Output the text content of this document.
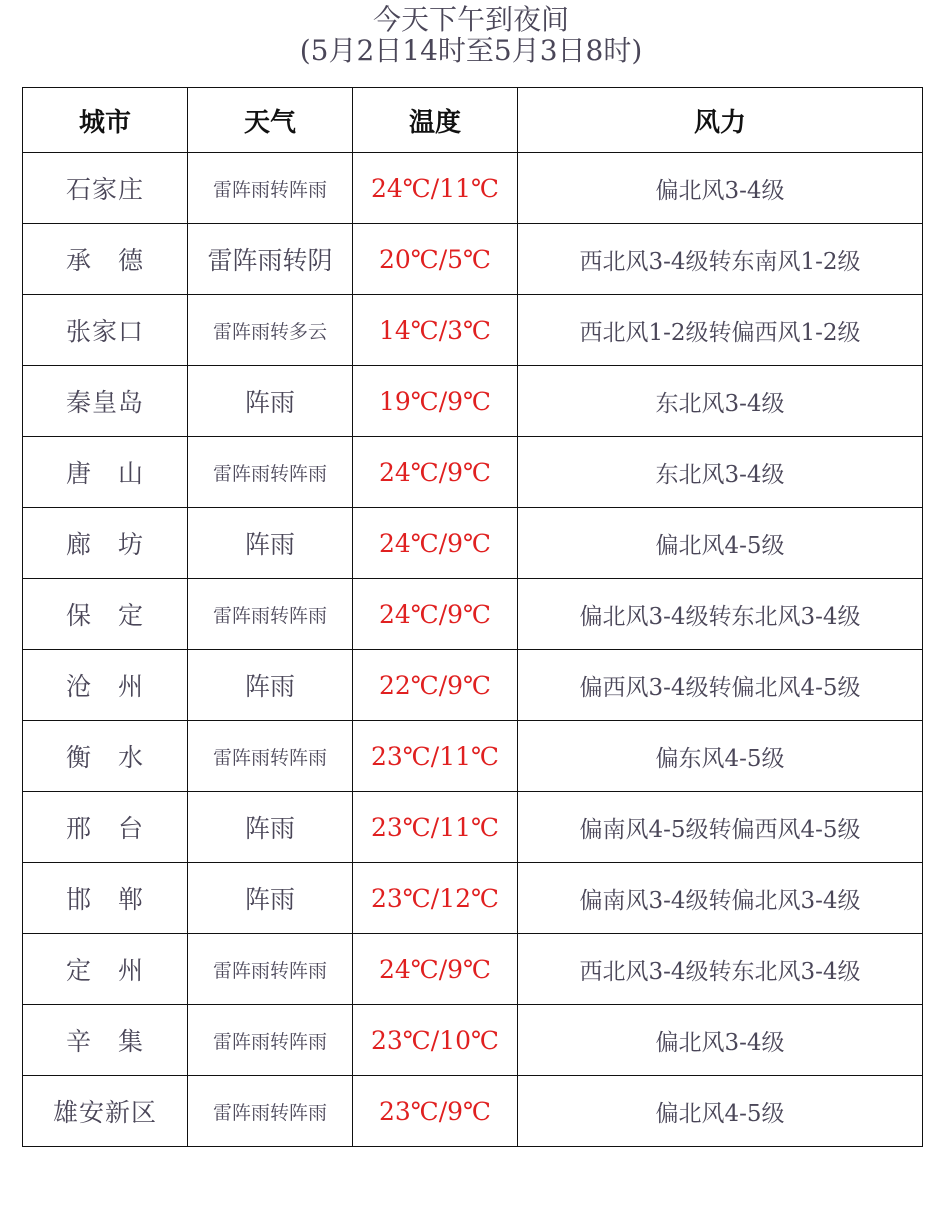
今天下午到夜间
(5月2日14时至5月3日8时)
城市	天气	温度	风力
石家庄	雷阵雨转阵雨	24℃/11℃	偏北风3-4级
承　德	雷阵雨转阴	20℃/5℃	西北风3-4级转东南风1-2级
张家口	雷阵雨转多云	14℃/3℃	西北风1-2级转偏西风1-2级
秦皇岛	阵雨	19℃/9℃	东北风3-4级
唐　山	雷阵雨转阵雨	24℃/9℃	东北风3-4级
廊　坊	阵雨	24℃/9℃	偏北风4-5级
保　定	雷阵雨转阵雨	24℃/9℃	偏北风3-4级转东北风3-4级
沧　州	阵雨	22℃/9℃	偏西风3-4级转偏北风4-5级
衡　水	雷阵雨转阵雨	23℃/11℃	偏东风4-5级
邢　台	阵雨	23℃/11℃	偏南风4-5级转偏西风4-5级
邯　郸	阵雨	23℃/12℃	偏南风3-4级转偏北风3-4级
定　州	雷阵雨转阵雨	24℃/9℃	西北风3-4级转东北风3-4级
辛　集	雷阵雨转阵雨	23℃/10℃	偏北风3-4级
雄安新区	雷阵雨转阵雨	23℃/9℃	偏北风4-5级
